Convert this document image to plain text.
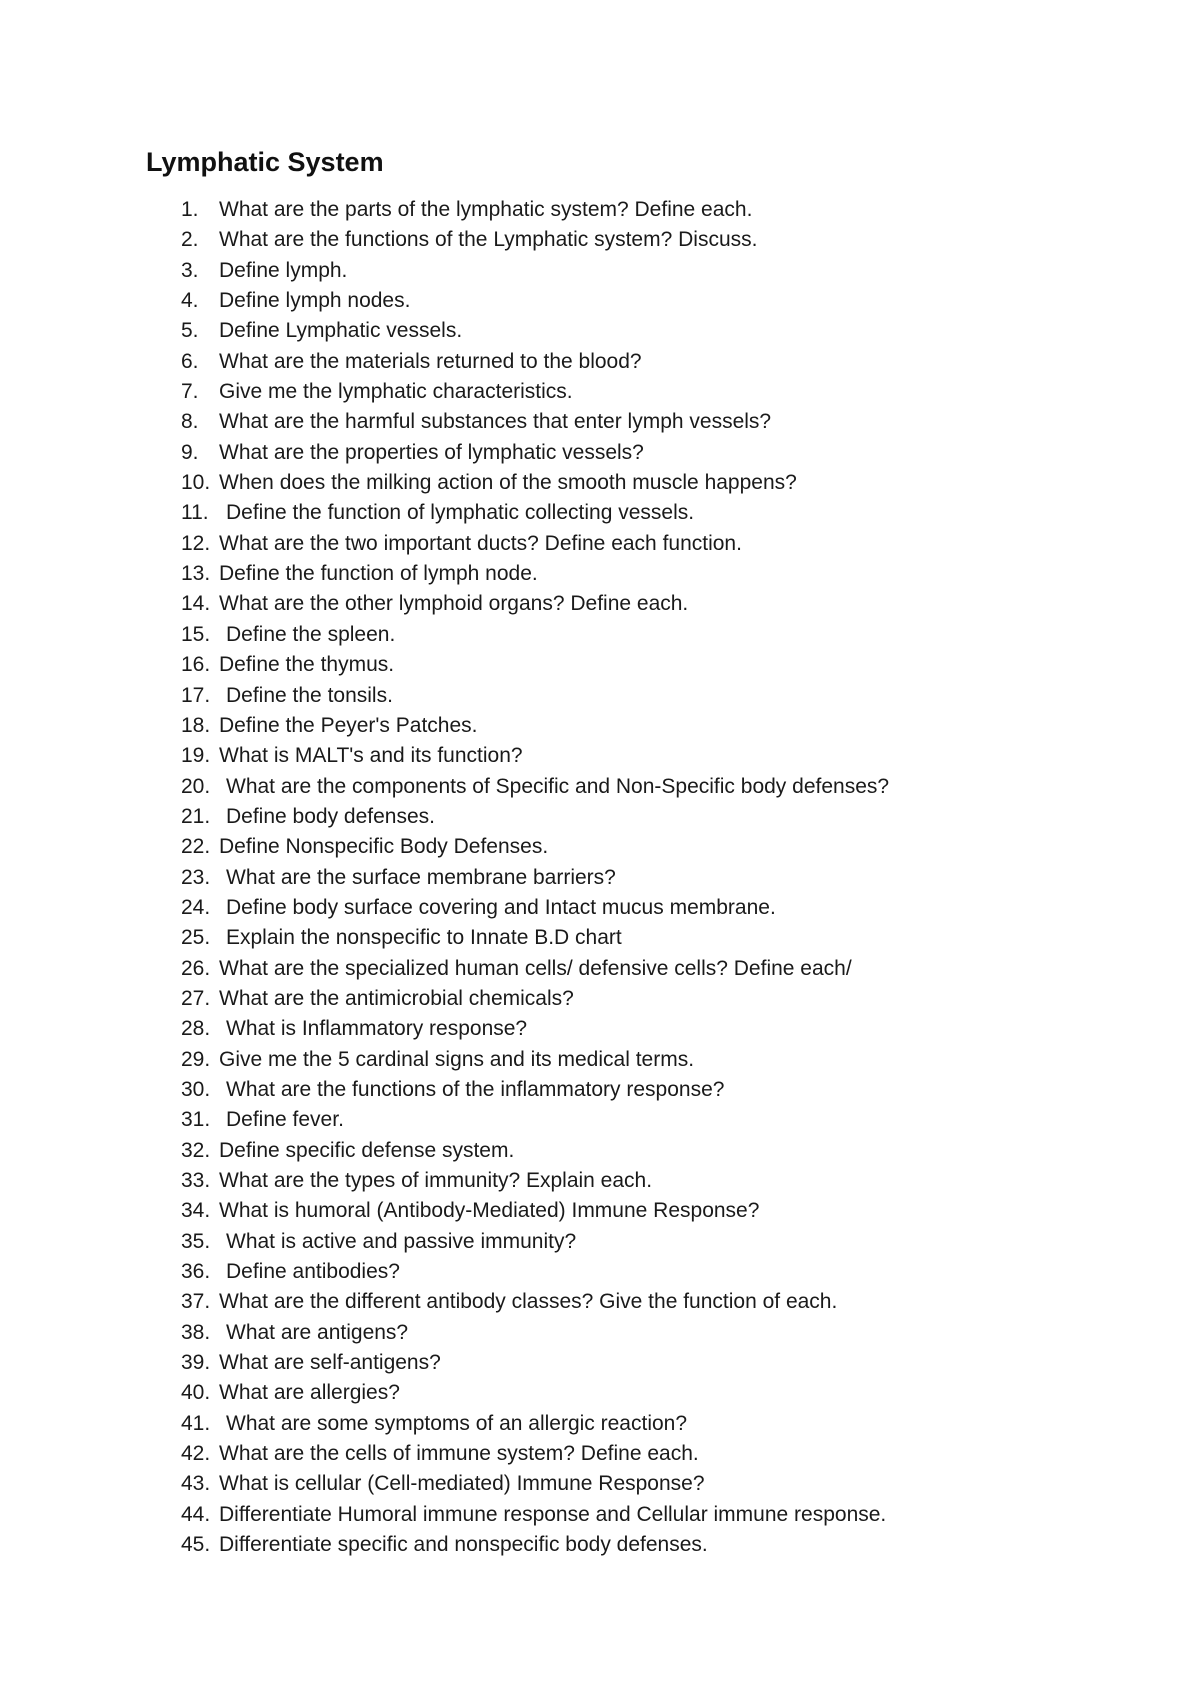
Lymphatic System
1. What are the parts of the lymphatic system? Define each.
2. What are the functions of the Lymphatic system? Discuss.
3. Define lymph.
4. Define lymph nodes.
5. Define Lymphatic vessels.
6. What are the materials returned to the blood?
7. Give me the lymphatic characteristics.
8. What are the harmful substances that enter lymph vessels?
9. What are the properties of lymphatic vessels?
10. When does the milking action of the smooth muscle happens?
11. Define the function of lymphatic collecting vessels.
12. What are the two important ducts? Define each function.
13. Define the function of lymph node.
14. What are the other lymphoid organs? Define each.
15. Define the spleen.
16. Define the thymus.
17. Define the tonsils.
18. Define the Peyer's Patches.
19. What is MALT's and its function?
20. What are the components of Specific and Non-Specific body defenses?
21. Define body defenses.
22. Define Nonspecific Body Defenses.
23. What are the surface membrane barriers?
24. Define body surface covering and Intact mucus membrane.
25. Explain the nonspecific to Innate B.D chart
26. What are the specialized human cells/ defensive cells? Define each/
27. What are the antimicrobial chemicals?
28. What is Inflammatory response?
29. Give me the 5 cardinal signs and its medical terms.
30. What are the functions of the inflammatory response?
31. Define fever.
32. Define specific defense system.
33. What are the types of immunity? Explain each.
34. What is humoral (Antibody-Mediated) Immune Response?
35. What is active and passive immunity?
36. Define antibodies?
37. What are the different antibody classes? Give the function of each.
38. What are antigens?
39. What are self-antigens?
40. What are allergies?
41. What are some symptoms of an allergic reaction?
42. What are the cells of immune system? Define each.
43. What is cellular (Cell-mediated) Immune Response?
44. Differentiate Humoral immune response and Cellular immune response.
45. Differentiate specific and nonspecific body defenses.
